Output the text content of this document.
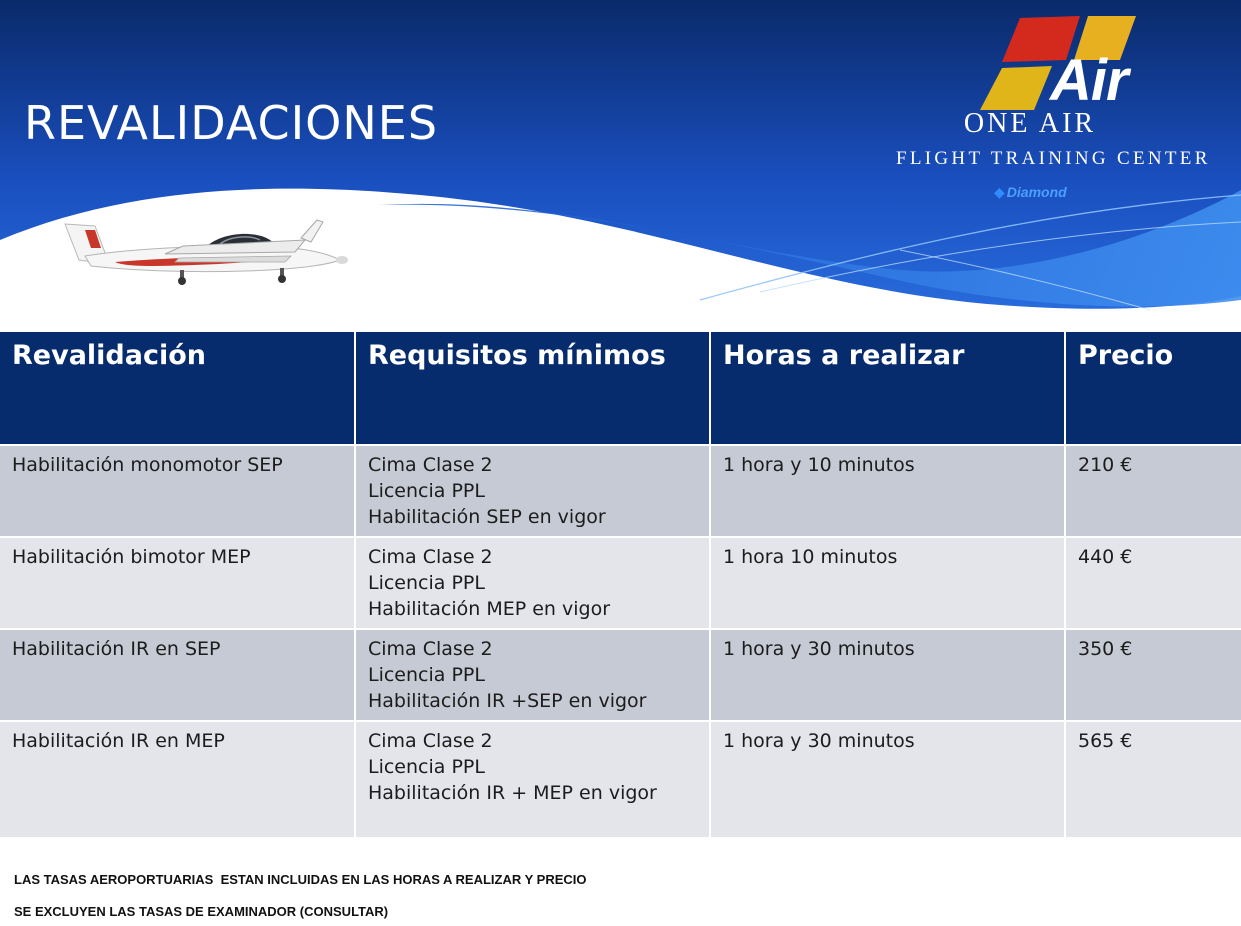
REVALIDACIONES
Air
ONE AIR
FLIGHT TRAINING CENTER
◆ Diamond
Revalidación	Requisitos mínimos	Horas a realizar	Precio
Habilitación monomotor SEP	Cima Clase 2
Licencia PPL
Habilitación SEP en vigor	1 hora y 10 minutos	210 €
Habilitación bimotor MEP	Cima Clase 2
Licencia PPL
Habilitación MEP en vigor	1 hora 10 minutos	440 €
Habilitación IR en SEP	Cima Clase 2
Licencia PPL
Habilitación IR +SEP en vigor	1 hora y 30 minutos	350 €
Habilitación IR en MEP	Cima Clase 2
Licencia PPL
Habilitación IR + MEP en vigor	1 hora y 30 minutos	565 €
LAS TASAS AEROPORTUARIAS  ESTAN INCLUIDAS EN LAS HORAS A REALIZAR Y PRECIO
SE EXCLUYEN LAS TASAS DE EXAMINADOR (CONSULTAR)
